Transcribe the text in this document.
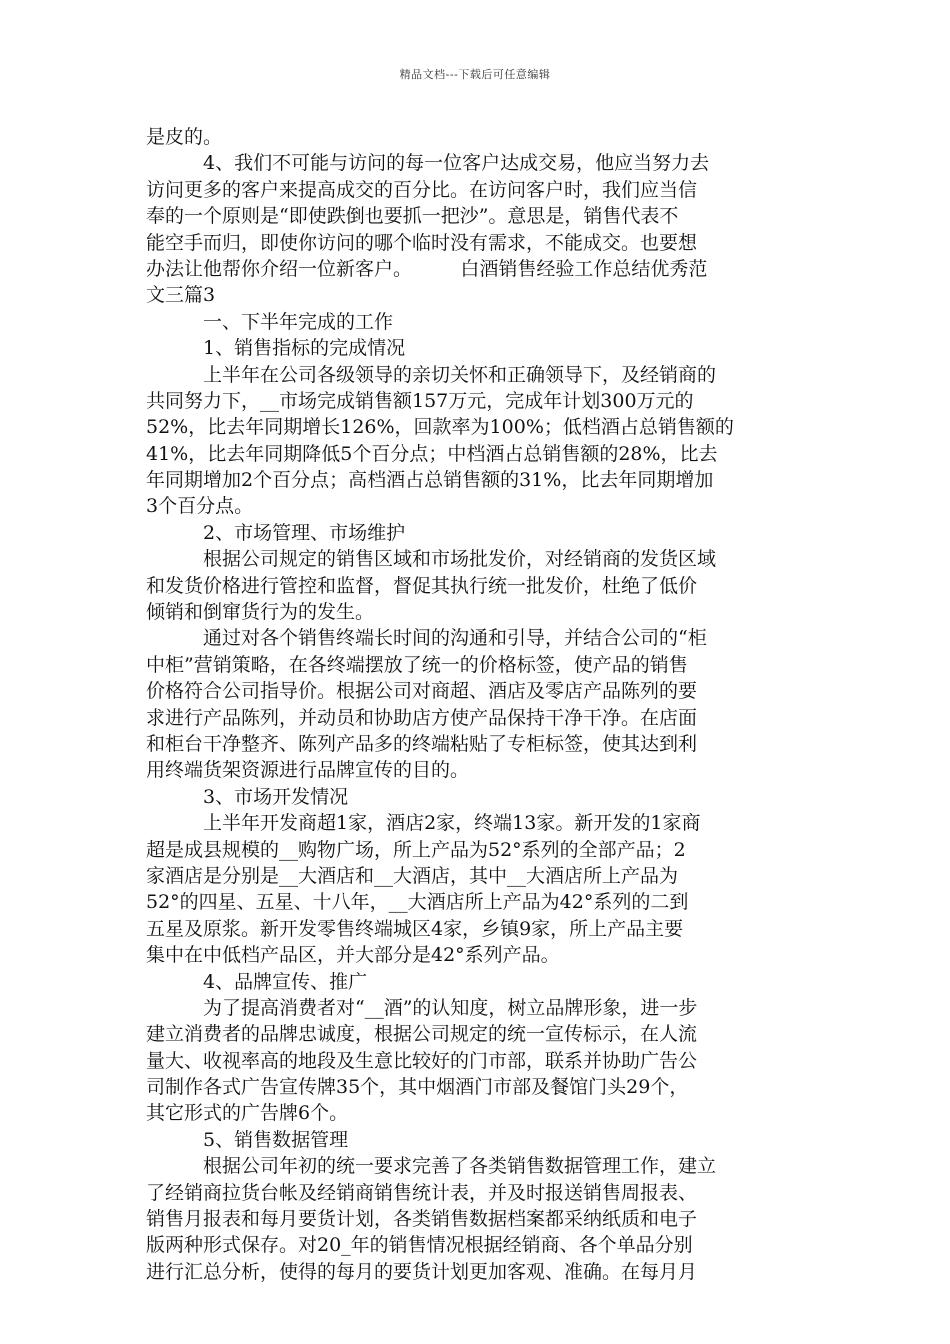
精品文档---下载后可任意编辑
是皮的。
4、我们不可能与访问的每一位客户达成交易，他应当努力去
访问更多的客户来提高成交的百分比。在访问客户时，我们应当信
奉的一个原则是“即使跌倒也要抓一把沙”。意思是，销售代表不
能空手而归，即使你访问的哪个临时没有需求，不能成交。也要想
办法让他帮你介绍一位新客户。        白酒销售经验工作总结优秀范
文三篇3
一、下半年完成的工作
1、销售指标的完成情况
上半年在公司各级领导的亲切关怀和正确领导下，及经销商的
共同努力下，__市场完成销售额157万元，完成年计划300万元的
52%，比去年同期增长126%，回款率为100%；低档酒占总销售额的
41%，比去年同期降低5个百分点；中档酒占总销售额的28%，比去
年同期增加2个百分点；高档酒占总销售额的31%，比去年同期增加
3个百分点。
2、市场管理、市场维护
根据公司规定的销售区域和市场批发价，对经销商的发货区域
和发货价格进行管控和监督，督促其执行统一批发价，杜绝了低价
倾销和倒窜货行为的发生。
通过对各个销售终端长时间的沟通和引导，并结合公司的“柜
中柜”营销策略，在各终端摆放了统一的价格标签，使产品的销售
价格符合公司指导价。根据公司对商超、酒店及零店产品陈列的要
求进行产品陈列，并动员和协助店方使产品保持干净干净。在店面
和柜台干净整齐、陈列产品多的终端粘贴了专柜标签，使其达到利
用终端货架资源进行品牌宣传的目的。
3、市场开发情况
上半年开发商超1家，酒店2家，终端13家。新开发的1家商
超是成县规模的__购物广场，所上产品为52°系列的全部产品；2
家酒店是分别是__大酒店和__大酒店，其中__大酒店所上产品为
52°的四星、五星、十八年，__大酒店所上产品为42°系列的二到
五星及原浆。新开发零售终端城区4家，乡镇9家，所上产品主要
集中在中低档产品区，并大部分是42°系列产品。
4、品牌宣传、推广
为了提高消费者对“__酒”的认知度，树立品牌形象，进一步
建立消费者的品牌忠诚度，根据公司规定的统一宣传标示，在人流
量大、收视率高的地段及生意比较好的门市部，联系并协助广告公
司制作各式广告宣传牌35个，其中烟酒门市部及餐馆门头29个，
其它形式的广告牌6个。
5、销售数据管理
根据公司年初的统一要求完善了各类销售数据管理工作，建立
了经销商拉货台帐及经销商销售统计表，并及时报送销售周报表、
销售月报表和每月要货计划，各类销售数据档案都采纳纸质和电子
版两种形式保存。对20_年的销售情况根据经销商、各个单品分别
进行汇总分析，使得的每月的要货计划更加客观、准确。在每月月
